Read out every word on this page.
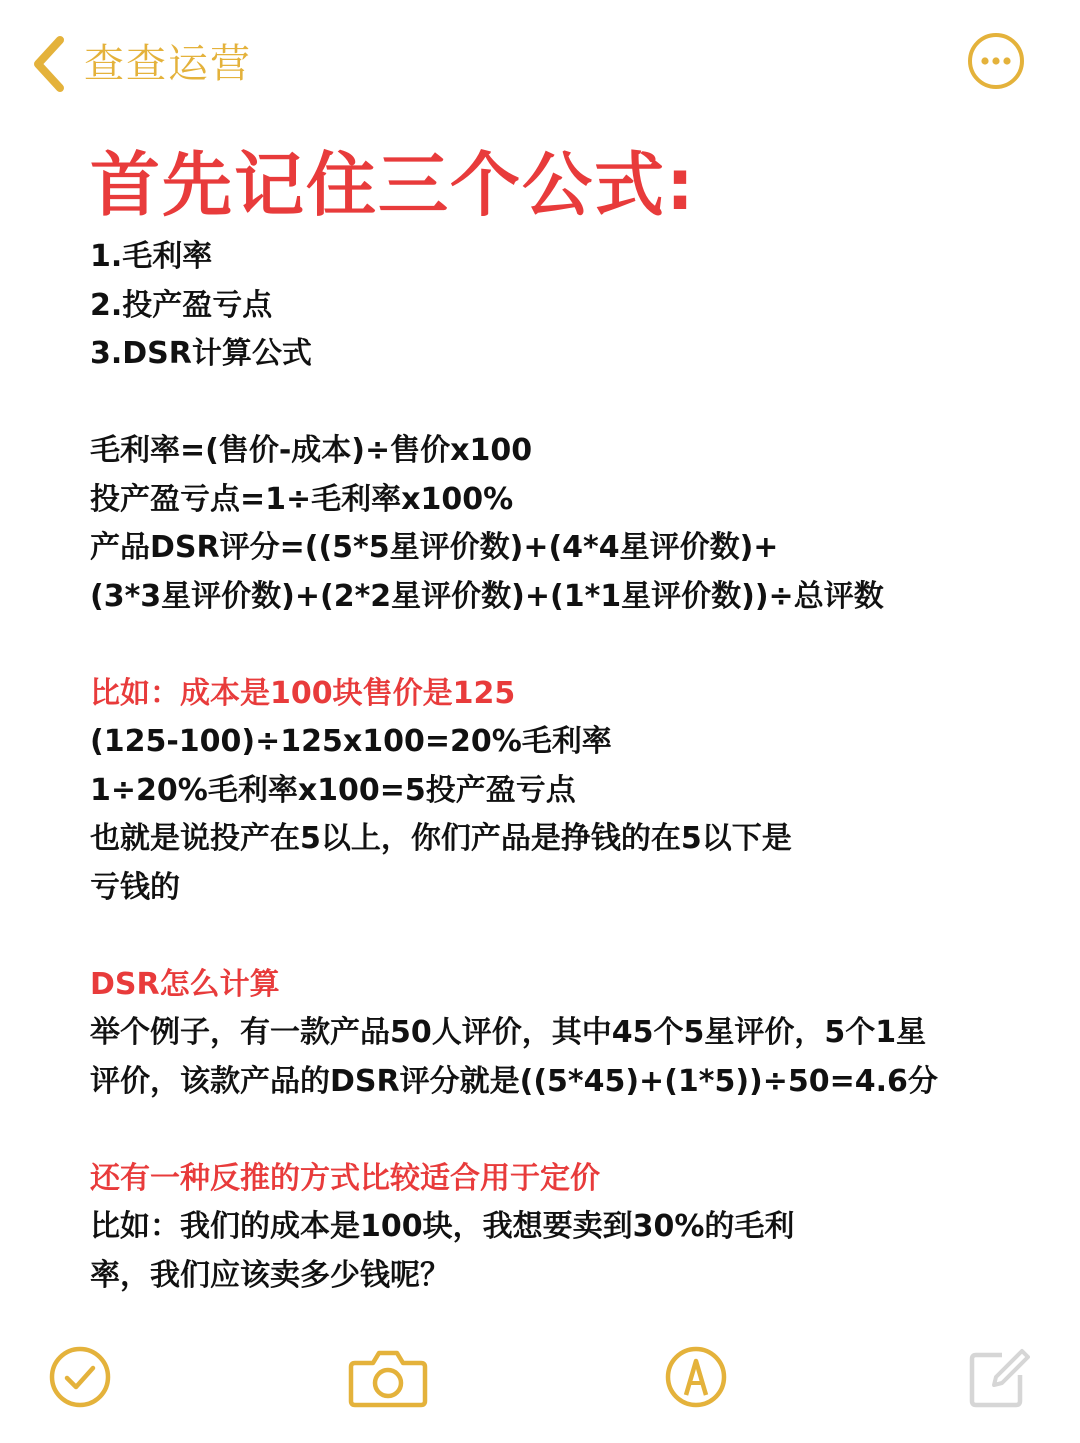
查查运营
首先记住三个公式:
1.毛利率
2.投产盈亏点
3.DSR计算公式
毛利率=(售价-成本)÷售价x100
投产盈亏点=1÷毛利率x100%
产品DSR评分=((5*5星评价数)+(4*4星评价数)+
(3*3星评价数)+(2*2星评价数)+(1*1星评价数))÷总评数
比如：成本是100块售价是125
(125-100)÷125x100=20%毛利率
1÷20%毛利率x100=5投产盈亏点
也就是说投产在5以上，你们产品是挣钱的在5以下是
亏钱的
DSR怎么计算
举个例子，有一款产品50人评价，其中45个5星评价，5个1星
评价，该款产品的DSR评分就是((5*45)+(1*5))÷50=4.6分
还有一种反推的方式比较适合用于定价
比如：我们的成本是100块，我想要卖到30%的毛利
率，我们应该卖多少钱呢？
